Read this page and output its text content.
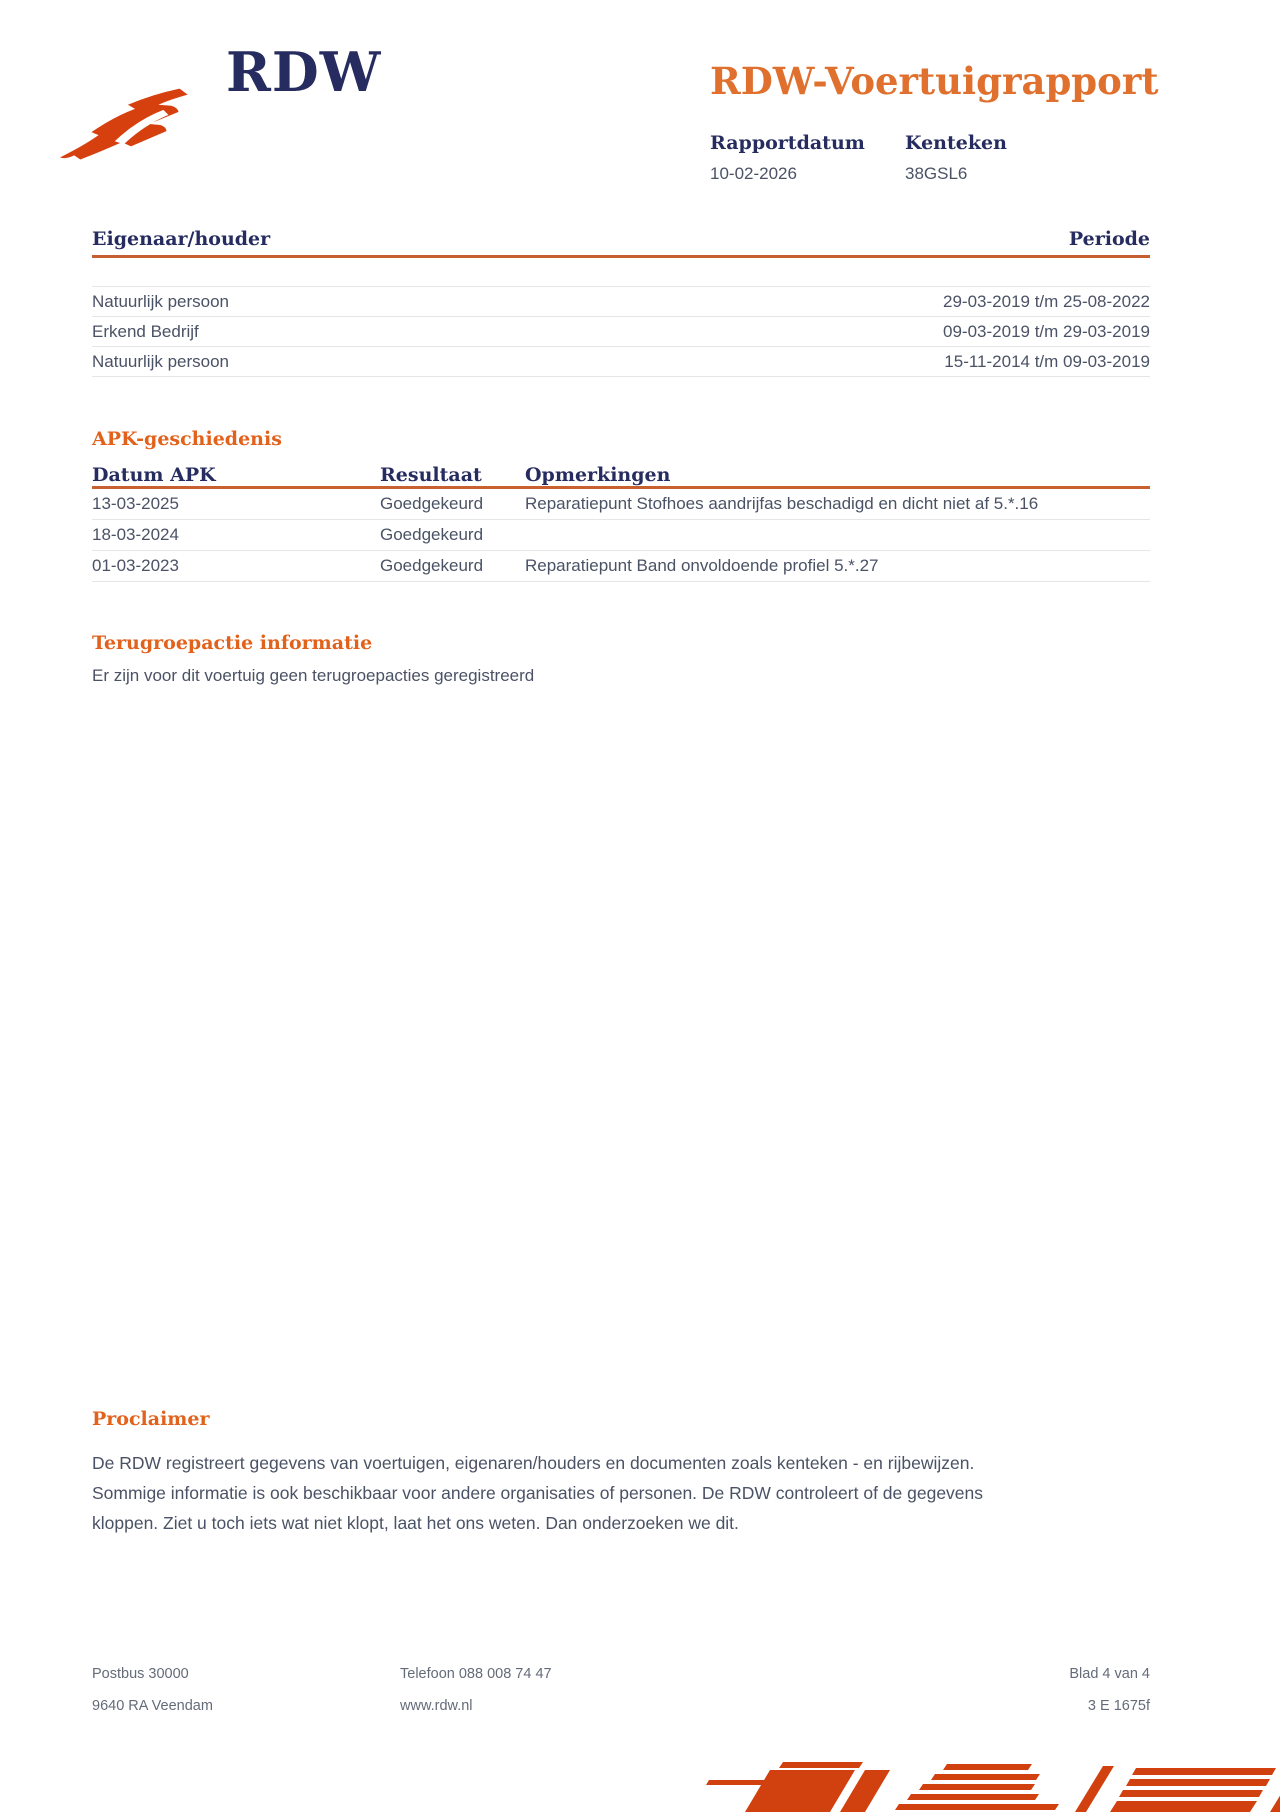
RDW	RDW-Voertuigrapport
Rapportdatum
10-02-2026
Kenteken
38GSL6
Eigenaar/houder	Periode
Natuurlijk persoon	29-03-2019 t/m 25-08-2022
Erkend Bedrijf	09-03-2019 t/m 29-03-2019
Natuurlijk persoon	15-11-2014 t/m 09-03-2019
APK-geschiedenis
Datum APK	Resultaat	Opmerkingen
13-03-2025	Goedgekeurd	Reparatiepunt Stofhoes aandrijfas beschadigd en dicht niet af 5.*.16
18-03-2024	Goedgekeurd
01-03-2023	Goedgekeurd	Reparatiepunt Band onvoldoende profiel 5.*.27
Terugroepactie informatie
Er zijn voor dit voertuig geen terugroepacties geregistreerd
Proclaimer
De RDW registreert gegevens van voertuigen, eigenaren/houders en documenten zoals kenteken - en rijbewijzen.
Sommige informatie is ook beschikbaar voor andere organisaties of personen. De RDW controleert of de gegevens
kloppen. Ziet u toch iets wat niet klopt, laat het ons weten. Dan onderzoeken we dit.
Postbus 30000
9640 RA Veendam
Telefoon 088 008 74 47
www.rdw.nl
Blad 4 van 4
3 E 1675f
